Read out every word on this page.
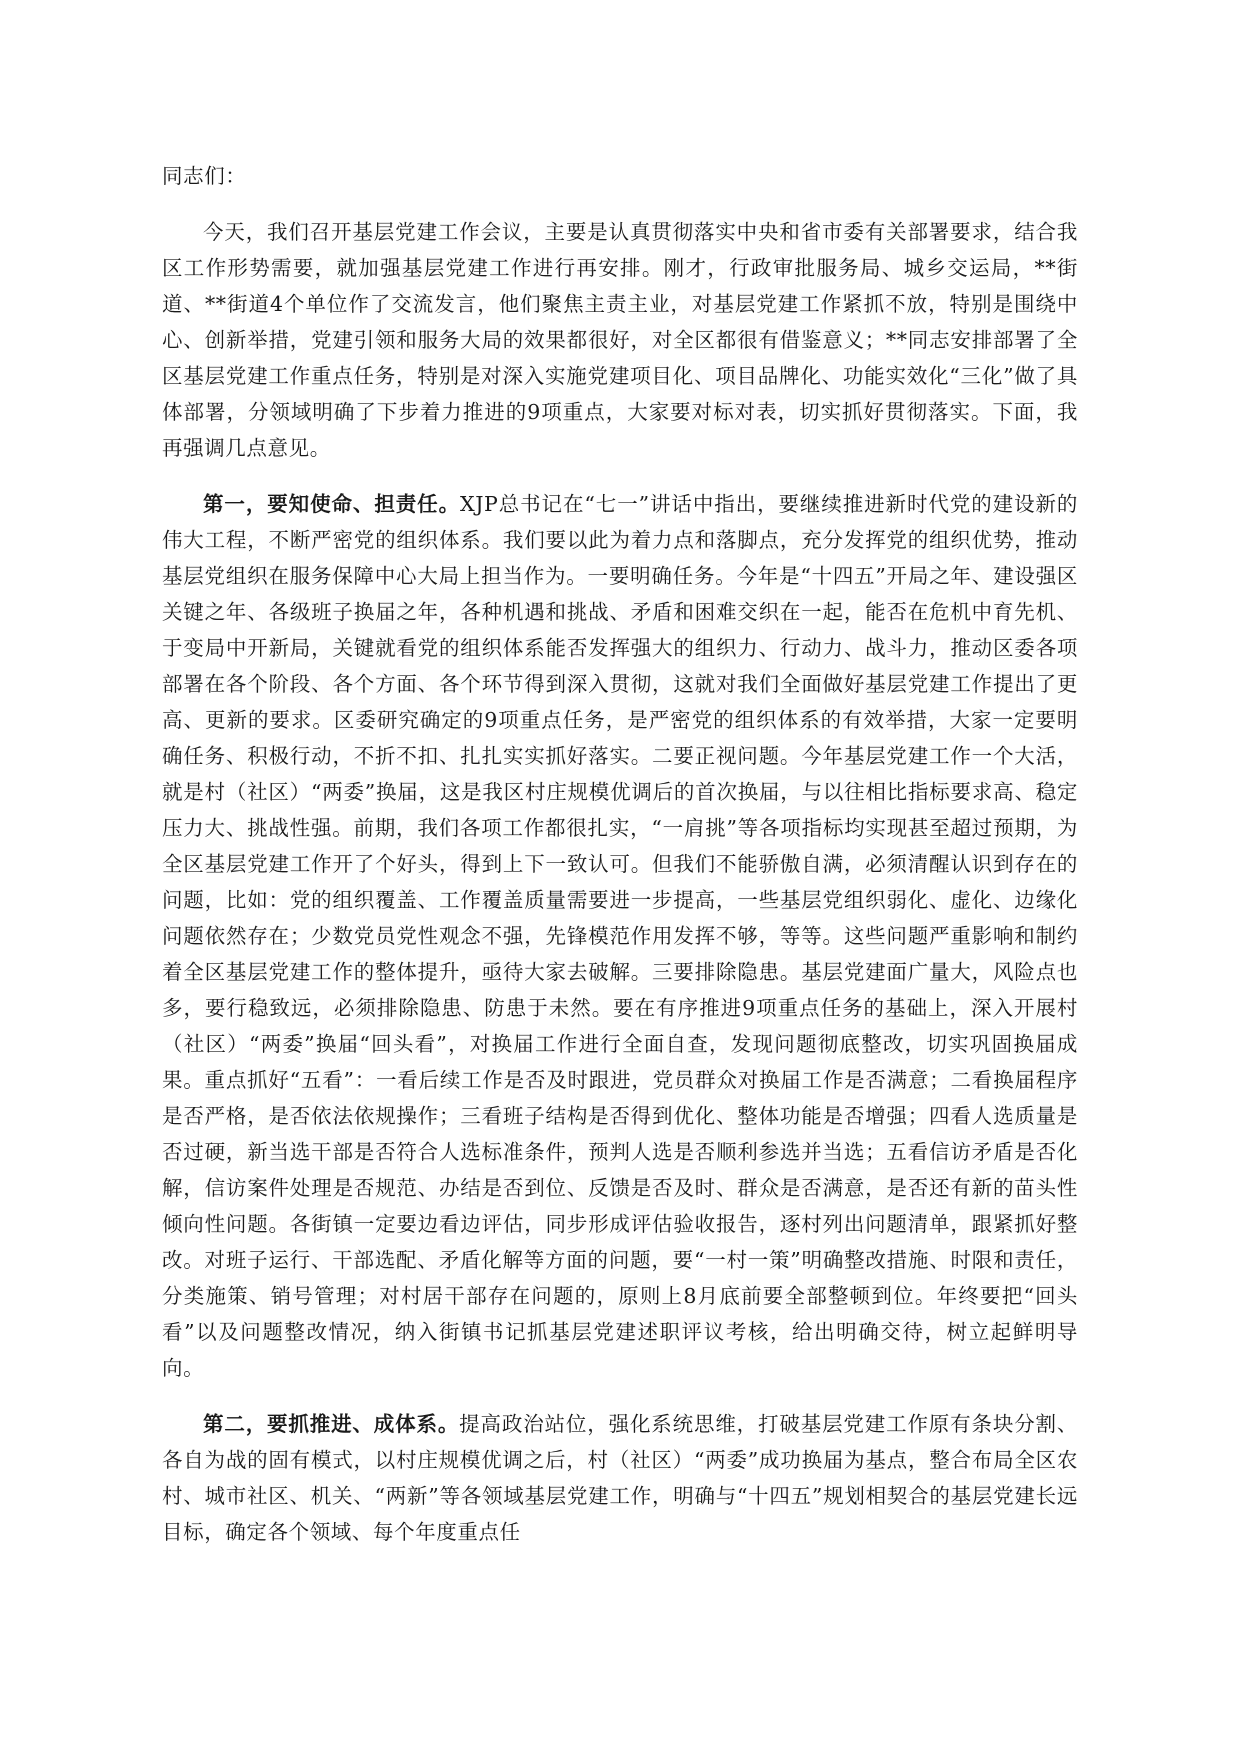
同志们：

今天，我们召开基层党建工作会议，主要是认真贯彻落实中央和省市委有关部署要求，结合我区工作形势需要，就加强基层党建工作进行再安排。刚才，行政审批服务局、城乡交运局，**街道、**街道4个单位作了交流发言，他们聚焦主责主业，对基层党建工作紧抓不放，特别是围绕中心、创新举措，党建引领和服务大局的效果都很好，对全区都很有借鉴意义；**同志安排部署了全区基层党建工作重点任务，特别是对深入实施党建项目化、项目品牌化、功能实效化“三化”做了具体部署，分领域明确了下步着力推进的9项重点，大家要对标对表，切实抓好贯彻落实。下面，我再强调几点意见。

第一，要知使命、担责任。XJP总书记在“七一”讲话中指出，要继续推进新时代党的建设新的伟大工程，不断严密党的组织体系。我们要以此为着力点和落脚点，充分发挥党的组织优势，推动基层党组织在服务保障中心大局上担当作为。一要明确任务。今年是“十四五”开局之年、建设强区关键之年、各级班子换届之年，各种机遇和挑战、矛盾和困难交织在一起，能否在危机中育先机、于变局中开新局，关键就看党的组织体系能否发挥强大的组织力、行动力、战斗力，推动区委各项部署在各个阶段、各个方面、各个环节得到深入贯彻，这就对我们全面做好基层党建工作提出了更高、更新的要求。区委研究确定的9项重点任务，是严密党的组织体系的有效举措，大家一定要明确任务、积极行动，不折不扣、扎扎实实抓好落实。二要正视问题。今年基层党建工作一个大活，就是村（社区）“两委”换届，这是我区村庄规模优调后的首次换届，与以往相比指标要求高、稳定压力大、挑战性强。前期，我们各项工作都很扎实，“一肩挑”等各项指标均实现甚至超过预期，为全区基层党建工作开了个好头，得到上下一致认可。但我们不能骄傲自满，必须清醒认识到存在的问题，比如：党的组织覆盖、工作覆盖质量需要进一步提高，一些基层党组织弱化、虚化、边缘化问题依然存在；少数党员党性观念不强，先锋模范作用发挥不够，等等。这些问题严重影响和制约着全区基层党建工作的整体提升，亟待大家去破解。三要排除隐患。基层党建面广量大，风险点也多，要行稳致远，必须排除隐患、防患于未然。要在有序推进9项重点任务的基础上，深入开展村（社区）“两委”换届“回头看”，对换届工作进行全面自查，发现问题彻底整改，切实巩固换届成果。重点抓好“五看”：一看后续工作是否及时跟进，党员群众对换届工作是否满意；二看换届程序是否严格，是否依法依规操作；三看班子结构是否得到优化、整体功能是否增强；四看人选质量是否过硬，新当选干部是否符合人选标准条件，预判人选是否顺利参选并当选；五看信访矛盾是否化解，信访案件处理是否规范、办结是否到位、反馈是否及时、群众是否满意，是否还有新的苗头性倾向性问题。各街镇一定要边看边评估，同步形成评估验收报告，逐村列出问题清单，跟紧抓好整改。对班子运行、干部选配、矛盾化解等方面的问题，要“一村一策”明确整改措施、时限和责任，分类施策、销号管理；对村居干部存在问题的，原则上8月底前要全部整顿到位。年终要把“回头看”以及问题整改情况，纳入街镇书记抓基层党建述职评议考核，给出明确交待，树立起鲜明导向。

第二，要抓推进、成体系。提高政治站位，强化系统思维，打破基层党建工作原有条块分割、各自为战的固有模式，以村庄规模优调之后，村（社区）“两委”成功换届为基点，整合布局全区农村、城市社区、机关、“两新”等各领域基层党建工作，明确与“十四五”规划相契合的基层党建长远目标，确定各个领域、每个年度重点任
